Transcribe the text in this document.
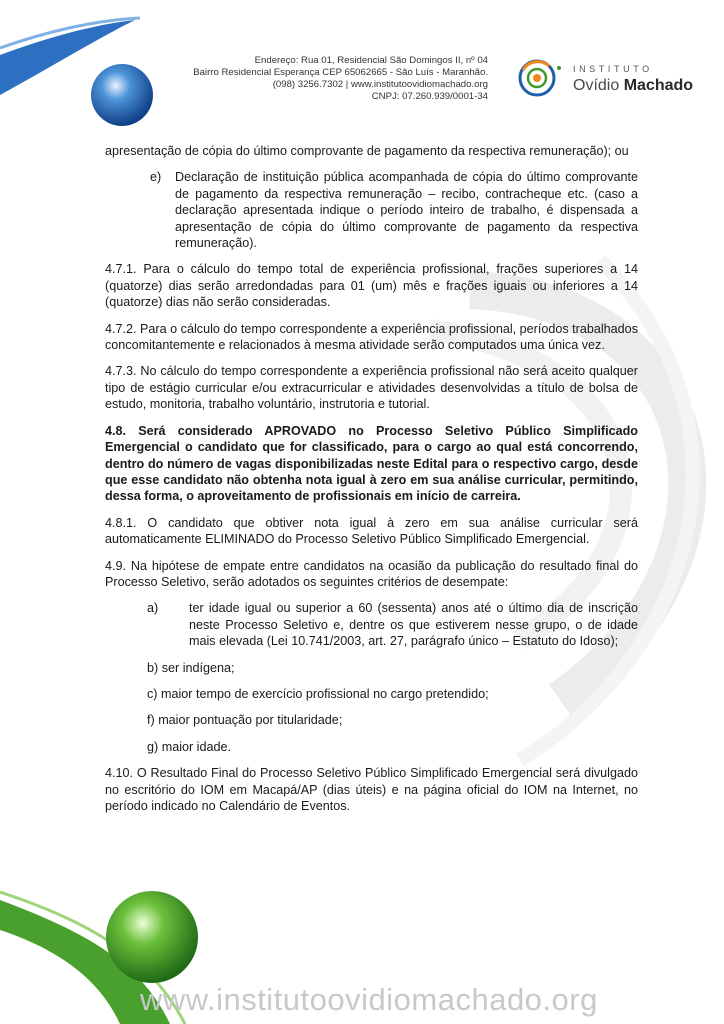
Endereço: Rua 01, Residencial São Domingos II, nº 04
Bairro Residencial Esperança CEP 65062665 - São Luís - Maranhão.
(098) 3256.7302 | www.institutoovidiomachado.org
CNPJ: 07.260.939/0001-34
INSTITUTO
Ovídio Machado

apresentação de cópia do último comprovante de pagamento da respectiva remuneração); ou

e)	Declaração de instituição pública acompanhada de cópia do último comprovante de pagamento da respectiva remuneração – recibo, contracheque etc. (caso a declaração apresentada indique o período inteiro de trabalho, é dispensada a apresentação de cópia do último comprovante de pagamento da respectiva remuneração).

4.7.1. Para o cálculo do tempo total de experiência profissional, frações superiores a 14 (quatorze) dias serão arredondadas para 01 (um) mês e frações iguais ou inferiores a 14 (quatorze) dias não serão consideradas.

4.7.2. Para o cálculo do tempo correspondente a experiência profissional, períodos trabalhados concomitantemente e relacionados à mesma atividade serão computados uma única vez.

4.7.3. No cálculo do tempo correspondente a experiência profissional não será aceito qualquer tipo de estágio curricular e/ou extracurricular e atividades desenvolvidas a título de bolsa de estudo, monitoria, trabalho voluntário, instrutoria e tutorial.

4.8. Será considerado APROVADO no Processo Seletivo Público Simplificado Emergencial o candidato que for classificado, para o cargo ao qual está concorrendo, dentro do número de vagas disponibilizadas neste Edital para o respectivo cargo, desde que esse candidato não obtenha nota igual à zero em sua análise curricular, permitindo, dessa forma, o aproveitamento de profissionais em início de carreira.

4.8.1. O candidato que obtiver nota igual à zero em sua análise curricular será automaticamente ELIMINADO do Processo Seletivo Público Simplificado Emergencial.

4.9. Na hipótese de empate entre candidatos na ocasião da publicação do resultado final do Processo Seletivo, serão adotados os seguintes critérios de desempate:

a)	ter idade igual ou superior a 60 (sessenta) anos até o último dia de inscrição neste Processo Seletivo e, dentre os que estiverem nesse grupo, o de idade mais elevada (Lei 10.741/2003, art. 27, parágrafo único – Estatuto do Idoso);

b) ser indígena;

c) maior tempo de exercício profissional no cargo pretendido;

f) maior pontuação por titularidade;

g) maior idade.

4.10. O Resultado Final do Processo Seletivo Público Simplificado Emergencial será divulgado no escritório do IOM em Macapá/AP (dias úteis) e na página oficial do IOM na Internet, no período indicado no Calendário de Eventos.

www.institutoovidiomachado.org
